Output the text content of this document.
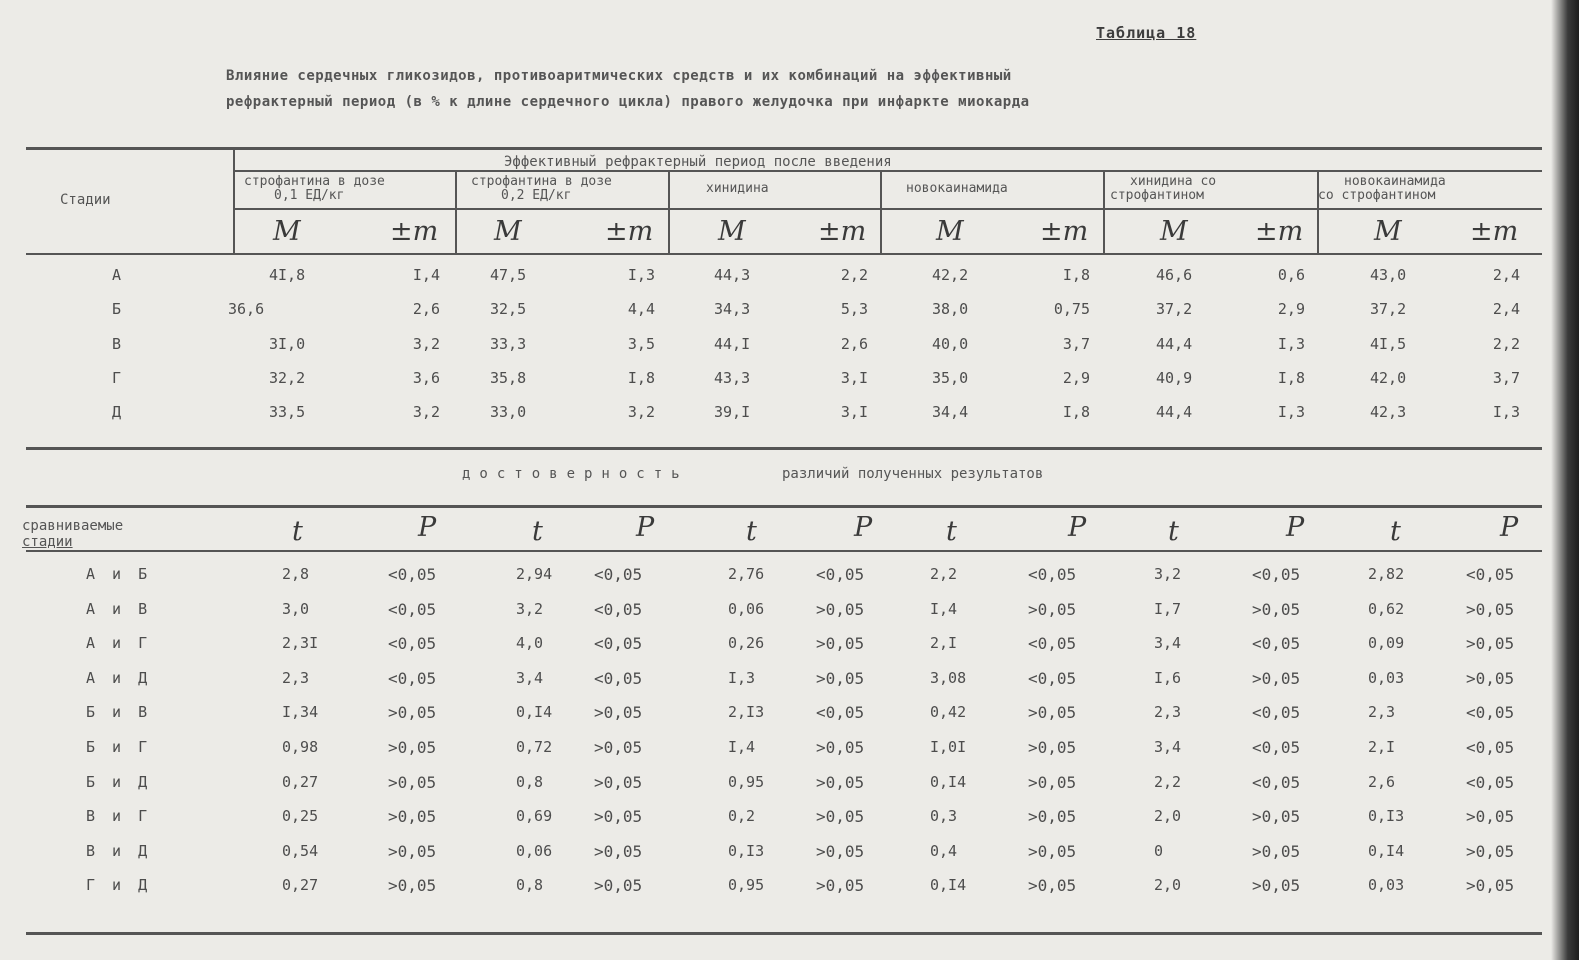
Таблица 18
Влияние сердечных гликозидов, противоаритмических средств и их комбинаций на эффективный
рефрактерный период (в % к длине сердечного цикла) правого желудочка при инфаркте миокарда
Стадии
Эффективный рефрактерный период после введения
строфантина в дозе
0,1 ЕД/кг
строфантина в дозе
0,2 ЕД/кг	хинидина	новокаинамида	хинидина со
строфантином
новокаинамида
со строфантином
М	±m М	±m М	±m	М	±m	М ±m	М	±m
А	4I,8	I,4	47,5	I,3	44,3	2,2	42,2	I,8	46,6	0,6	43,0	2,4
Б	36,6	2,6	32,5	4,4	34,3	5,3	38,0	0,75	37,2	2,9	37,2	2,4
В	3I,0	3,2	33,3	3,5	44,I	2,6	40,0	3,7	44,4	I,3	4I,5	2,2
Г	32,2	3,6	35,8	I,8	43,3	3,I	35,0	2,9	40,9	I,8	42,0	3,7
Д	33,5	3,2	33,0	3,2	39,I	3,I	34,4	I,8	44,4	I,3	42,3	I,3
достоверность	различий полученных результатов
сравниваемые
стадии	t	P	t	P	t	P	t	P	t	P	t	P
А и Б	2,8	<0,05	2,94	<0,05	2,76	<0,05	2,2	<0,05	3,2	<0,05	2,82	<0,05
А и В	3,0	<0,05	3,2	<0,05	0,06	>0,05	I,4	>0,05	I,7	>0,05	0,62	>0,05
А и Г	2,3I	<0,05	4,0	<0,05	0,26	>0,05	2,I	<0,05	3,4	<0,05	0,09	>0,05
А и Д	2,3	<0,05	3,4	<0,05	I,3	>0,05	3,08	<0,05	I,6	>0,05	0,03	>0,05
Б и В	I,34	>0,05	0,I4	>0,05	2,I3	<0,05	0,42	>0,05	2,3	<0,05	2,3	<0,05
Б и Г	0,98	>0,05	0,72	>0,05	I,4	>0,05	I,0I	>0,05	3,4	<0,05	2,I	<0,05
Б и Д	0,27	>0,05	0,8	>0,05	0,95	>0,05	0,I4	>0,05	2,2	<0,05	2,6	<0,05
В и Г	0,25	>0,05	0,69	>0,05	0,2	>0,05	0,3	>0,05	2,0	>0,05	0,I3	>0,05
В и Д	0,54	>0,05	0,06	>0,05	0,I3	>0,05	0,4	>0,05	0	>0,05	0,I4	>0,05
Г и Д	0,27	>0,05	0,8	>0,05	0,95	>0,05	0,I4	>0,05	2,0	>0,05	0,03	>0,05
